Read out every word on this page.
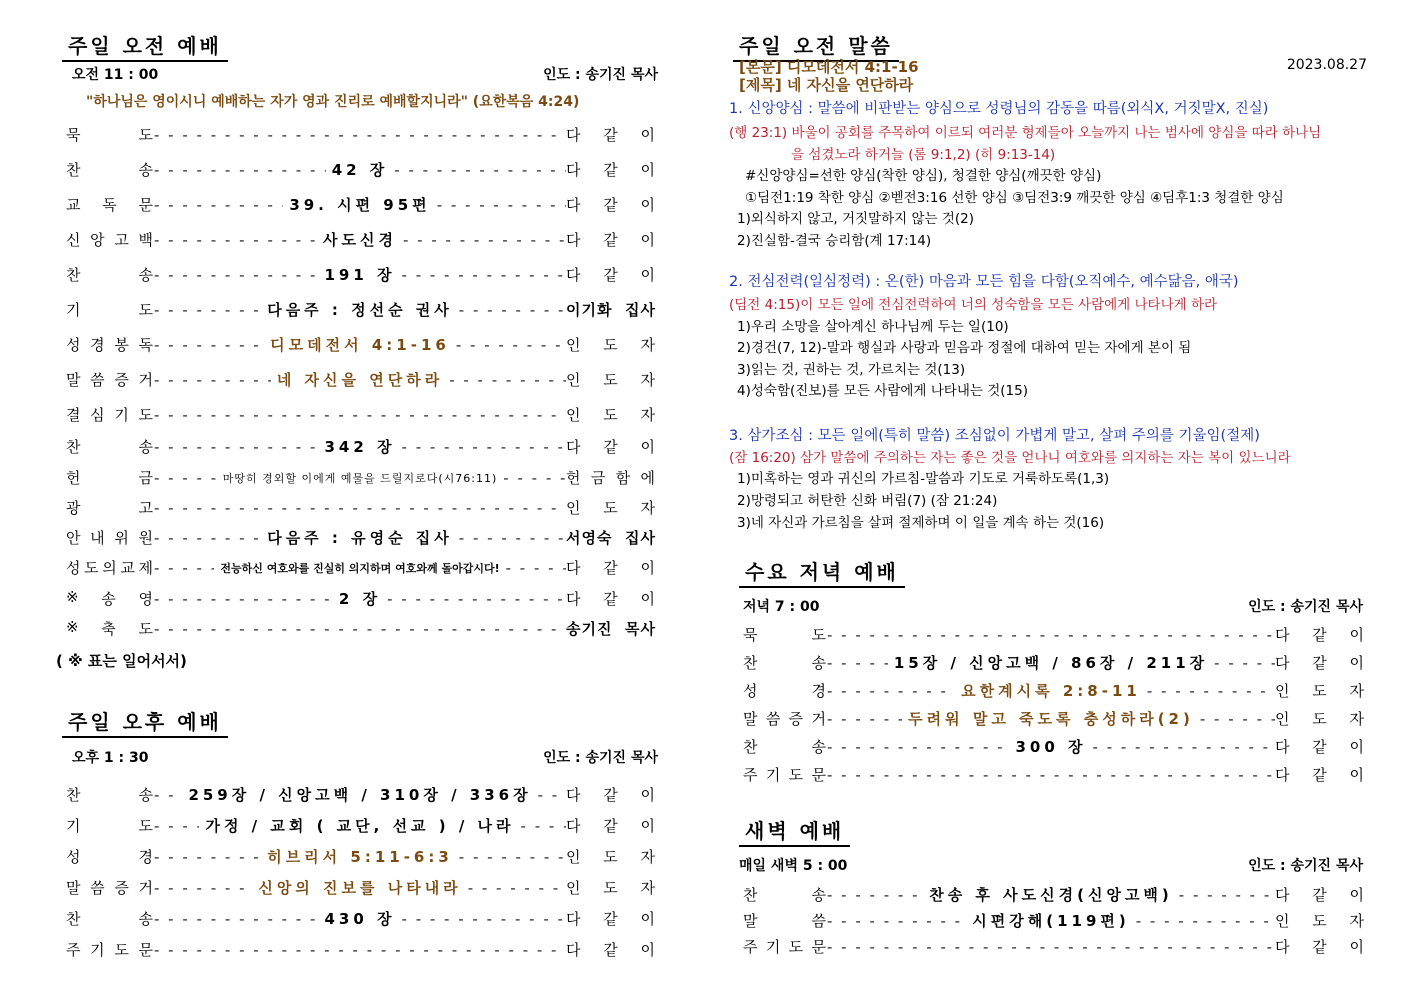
주일 오전 예배
오전 11 : 00	인도 : 송기진 목사
"하나님은 영이시니 예배하는 자가 영과 진리로 예배할지니라" (요한복음 4:24)
묵	도 - - -	다 같 이
찬	송 - - -	42 장 - - -	다 같 이
교 독 문 - - -	39. 시편 95편 - - -	다 같 이
신 앙 고 백 - - -	사도신경 - - -	다 같 이
찬	송 - - -	191 장 - - -	다 같 이
기	도 - - -	다음주 : 정선순 권사 - - -	이기화 집사
성 경 봉 독 - - -	디모데전서 4:1-16 - - -	인 도 자
말 씀 증 거 - - -	네 자신을 연단하라 - - -	인 도 자
결 심 기 도 - - -	인 도 자
찬	송 - - -	342 장 - - -	다 같 이
헌	금 - - -	마땅히 경외할 이에게 예물을 드릴지로다(시76:11) - - -	헌 금 함 에
광	고 - - -	인 도 자
안 내 위 원 - - -	다음주 : 유영순 집사 - - -	서영숙 집사
성 도 의 교 제 - - -	전능하신 여호와를 진실히 의지하며 여호와께 돌아갑시다! - - -	다 같 이
※ 송 영 - - -	2 장 - - -	다 같 이
※ 축 도 - - -	송기진 목사
( ※ 표는 일어서서)
주일 오후 예배
오후 1 : 30	인도 : 송기진 목사
찬	송 - - -	259장 / 신앙고백 / 310장 / 336장 - - -	다 같 이
기	도 - - -	가정 / 교회 ( 교단, 선교 ) / 나라 - - -	다 같 이
성	경 - - -	히브리서 5:11-6:3 - - -	인 도 자
말 씀 증 거 - - -	신앙의 진보를 나타내라 - - -	인 도 자
찬	송 - - -	430 장 - - -	다 같 이
주 기 도 문 - - -	다 같 이
주일 오전 말씀
[본문] 디모데전서 4:1-16
[제목] 네 자신을 연단하라
2023.08.27
1. 신앙양심 : 말씀에 비판받는 양심으로 성령님의 감동을 따름(외식X, 거짓말X, 진실)
(행 23:1) 바울이 공회를 주목하여 이르되 여러분 형제들아 오늘까지 나는 범사에 양심을 따라 하나님
을 섬겼노라 하거늘 (롬 9:1,2) (히 9:13-14)
#신앙양심=선한 양심(착한 양심), 청결한 양심(깨끗한 양심)
①딤전1:19 착한 양심 ②벧전3:16 선한 양심 ③딤전3:9 깨끗한 양심 ④딤후1:3 청결한 양심
1)외식하지 않고, 거짓말하지 않는 것(2)
2)진실함-결국 승리함(계 17:14)
2. 전심전력(일심정력) : 온(한) 마음과 모든 힘을 다함(오직예수, 예수닮음, 애국)
(딤전 4:15)이 모든 일에 전심전력하여 너의 성숙함을 모든 사람에게 나타나게 하라
1)우리 소망을 살아계신 하나님께 두는 일(10)
2)경건(7, 12)-말과 행실과 사랑과 믿음과 정절에 대하여 믿는 자에게 본이 됨
3)읽는 것, 권하는 것, 가르치는 것(13)
4)성숙함(진보)를 모든 사람에게 나타내는 것(15)
3. 삼가조심 : 모든 일에(특히 말씀) 조심없이 가볍게 말고, 살펴 주의를 기울임(절제)
(잠 16:20) 삼가 말씀에 주의하는 자는 좋은 것을 얻나니 여호와를 의지하는 자는 복이 있느니라
1)미혹하는 영과 귀신의 가르침-말씀과 기도로 거룩하도록(1,3)
2)망령되고 허탄한 신화 버림(7) (잠 21:24)
3)네 자신과 가르침을 살펴 절제하며 이 일을 계속 하는 것(16)
수요 저녁 예배
저녁 7 : 00	인도 : 송기진 목사
묵	도 - - -	다 같 이
찬	송 - - -	15장 / 신앙고백 / 86장 / 211장 - - -	다 같 이
성	경 - - -	요한계시록 2:8-11 - - -	인 도 자
말 씀 증 거 - - -	두려워 말고 죽도록 충성하라(2) - - -	인 도 자
찬	송 - - -	300 장 - - -	다 같 이
주 기 도 문 - - -	다 같 이
새벽 예배
매일 새벽 5 : 00	인도 : 송기진 목사
찬	송 - - -	찬송 후 사도신경(신앙고백) - - -	다 같 이
말	씀 - - -	시편강해(119편) - - -	인 도 자
주 기 도 문 - - -	다 같 이
